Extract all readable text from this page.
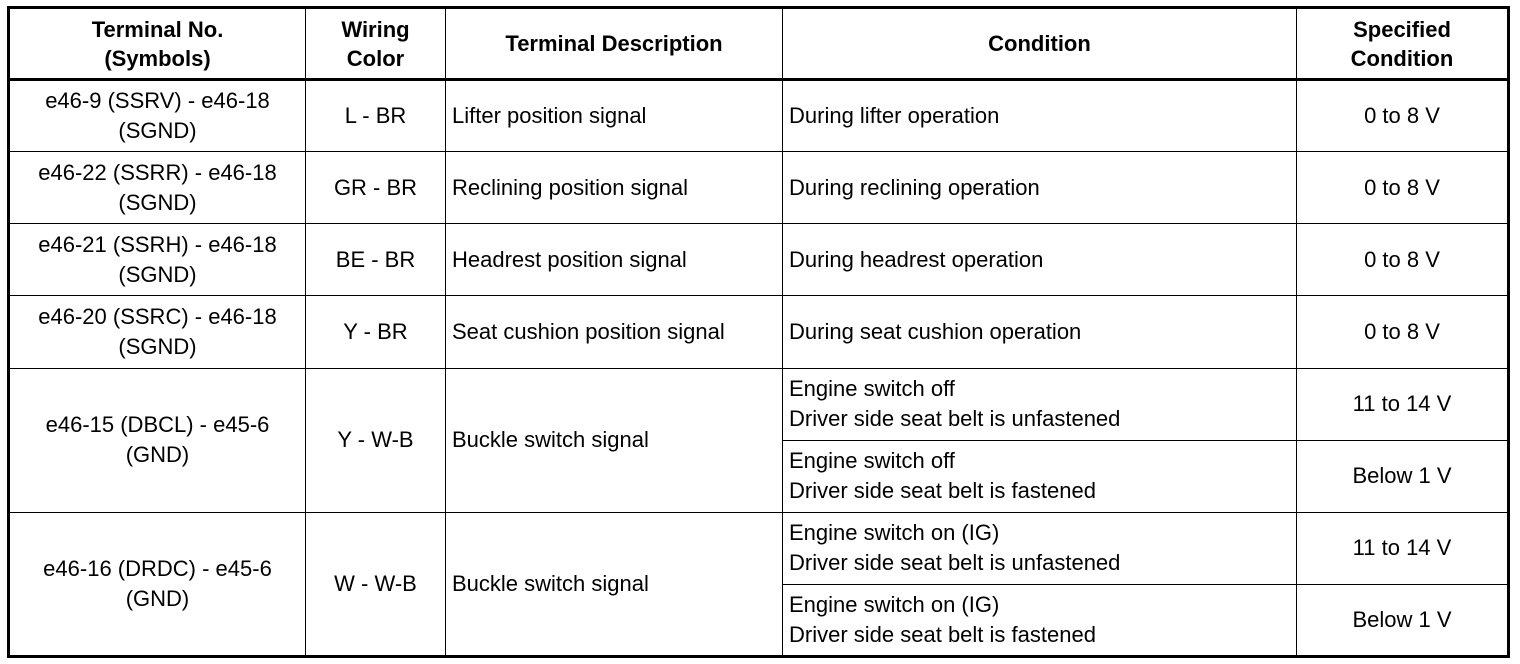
Terminal No.
(Symbols)	Wiring
Color	Terminal Description	Condition	Specified
Condition

e46-9 (SSRV) - e46-18
(SGND)	L - BR	Lifter position signal	During lifter operation	0 to 8 V

e46-22 (SSRR) - e46-18
(SGND)	GR - BR	Reclining position signal	During reclining operation	0 to 8 V

e46-21 (SSRH) - e46-18
(SGND)	BE - BR	Headrest position signal	During headrest operation	0 to 8 V

e46-20 (SSRC) - e46-18
(SGND)	Y - BR	Seat cushion position signal	During seat cushion operation	0 to 8 V

e46-15 (DBCL) - e45-6
(GND)	Y - W-B	Buckle switch signal	Engine switch off
Driver side seat belt is unfastened	11 to 14 V

			Engine switch off
Driver side seat belt is fastened	Below 1 V

e46-16 (DRDC) - e45-6
(GND)	W - W-B	Buckle switch signal	Engine switch on (IG)
Driver side seat belt is unfastened	11 to 14 V

			Engine switch on (IG)
Driver side seat belt is fastened	Below 1 V
